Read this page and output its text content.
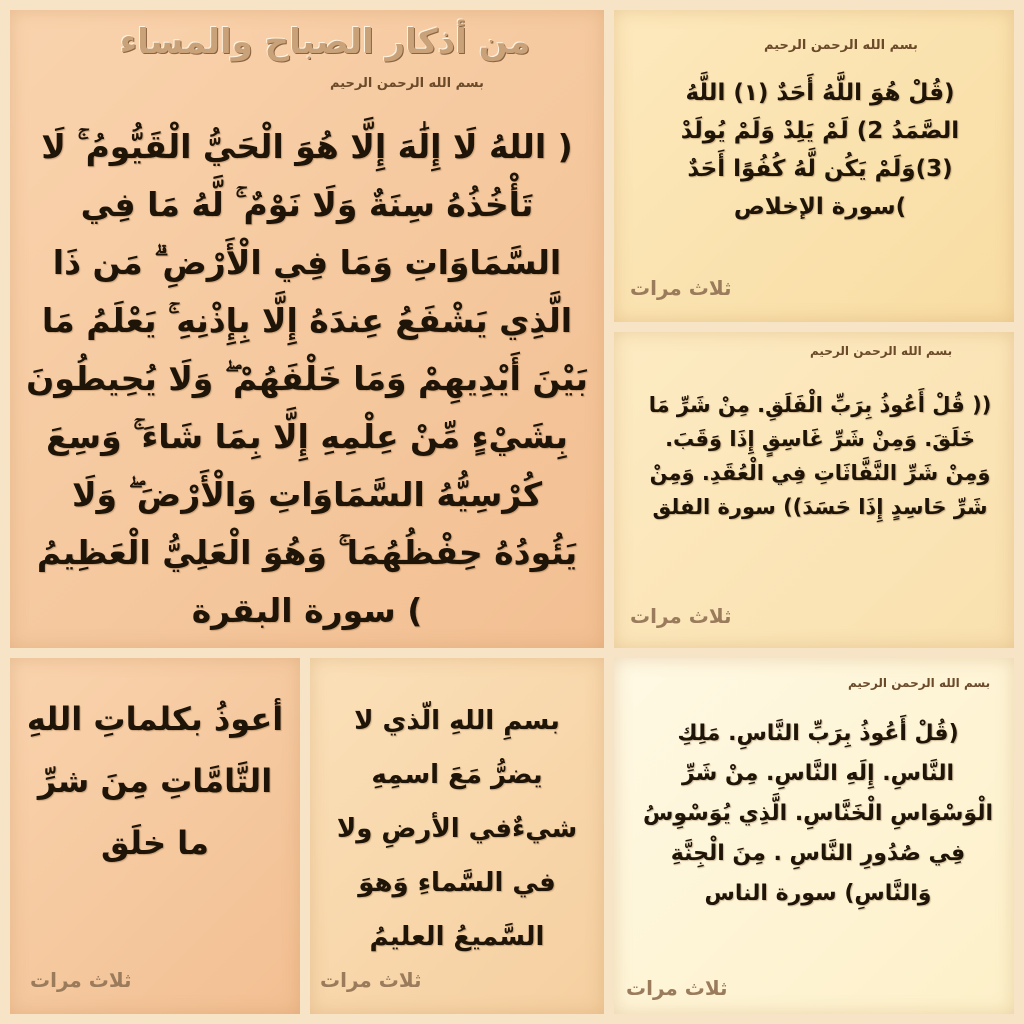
من أذكار الصباح والمساء
بسم الله الرحمن الرحيم
( اللهُ لَا إِلَٰهَ إِلَّا هُوَ الْحَيُّ الْقَيُّومُ ۚ لَا تَأْخُذُهُ سِنَةٌ وَلَا نَوْمٌ ۚ لَّهُ مَا فِي السَّمَاوَاتِ وَمَا فِي الْأَرْضِ ۗ مَن ذَا الَّذِي يَشْفَعُ عِندَهُ إِلَّا بِإِذْنِهِ ۚ يَعْلَمُ مَا بَيْنَ أَيْدِيهِمْ وَمَا خَلْفَهُمْ ۖ وَلَا يُحِيطُونَ بِشَيْءٍ مِّنْ عِلْمِهِ إِلَّا بِمَا شَاءَ ۚ وَسِعَ كُرْسِيُّهُ السَّمَاوَاتِ وَالْأَرْضَ ۖ وَلَا يَئُودُهُ حِفْظُهُمَا ۚ وَهُوَ الْعَلِيُّ الْعَظِيمُ ) سورة البقرة
بسم الله الرحمن الرحيم
(قُلْ هُوَ اللَّهُ أَحَدٌ (١) اللَّهُ الصَّمَدُ 2) لَمْ يَلِدْ وَلَمْ يُولَدْ (3)وَلَمْ يَكُن لَّهُ كُفُوًا أَحَدٌ )سورة الإخلاص
ثلاث مرات
بسم الله الرحمن الرحيم
(( قُلْ أَعُوذُ بِرَبِّ الْفَلَقِ. مِنْ شَرِّ مَا خَلَقَ. وَمِنْ شَرِّ غَاسِقٍ إِذَا وَقَبَ. وَمِنْ شَرِّ النَّفَّاثَاتِ فِي الْعُقَدِ. وَمِنْ شَرِّ حَاسِدٍ إِذَا حَسَدَ)) سورة الفلق
ثلاث مرات
أعوذُ بكلماتِ اللهِ التَّامَّاتِ مِنَ شرِّ ما خلَق
ثلاث مرات
بسمِ اللهِ الّذي لا يضرُّ مَعَ اسمِهِ شيءٌفي الأرضِ ولا في السَّماءِ وَهوَ السَّميعُ العليمُ
ثلاث مرات
بسم الله الرحمن الرحيم
(قُلْ أَعُوذُ بِرَبِّ النَّاسِ. مَلِكِ النَّاسِ. إِلَهِ النَّاسِ. مِنْ شَرِّ الْوَسْوَاسِ الْخَنَّاسِ. الَّذِي يُوَسْوِسُ فِي صُدُورِ النَّاسِ . مِنَ الْجِنَّةِ وَالنَّاسِ) سورة الناس
ثلاث مرات
